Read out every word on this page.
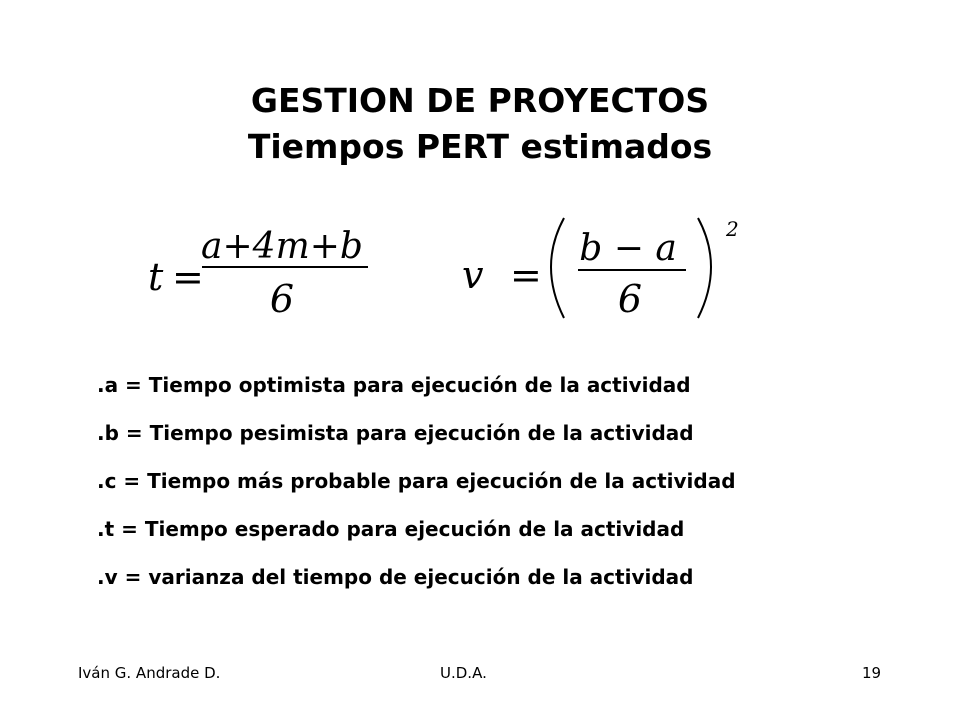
GESTION DE PROYECTOS
Tiempos PERT estimados
t =
a+4m+b
6
v =
b − a
6
2
.a = Tiempo optimista para ejecución de la actividad
.b = Tiempo pesimista para ejecución de la actividad
.c = Tiempo más probable para ejecución de la actividad
.t = Tiempo esperado para ejecución de la actividad
.v = varianza del tiempo de ejecución de la actividad
Iván G. Andrade D.	U.D.A.	19
